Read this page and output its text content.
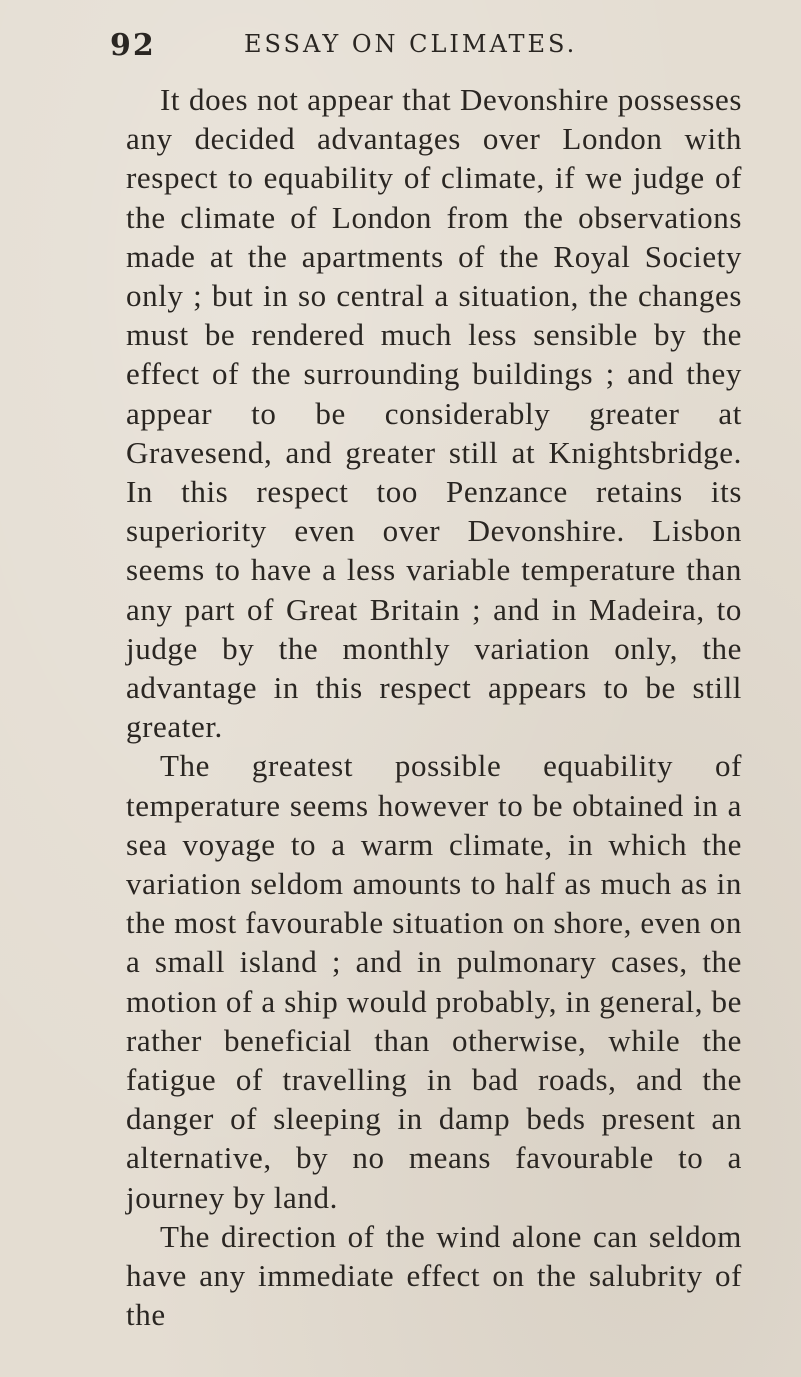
92	ESSAY ON CLIMATES.

It does not appear that Devonshire possesses any decided advantages over London with respect to equability of climate, if we judge of the climate of London from the observations made at the apartments of the Royal Society only ; but in so central a situation, the changes must be rendered much less sensible by the effect of the surrounding buildings ; and they appear to be considerably greater at Gravesend, and greater still at Knightsbridge. In this respect too Penzance retains its superiority even over Devonshire. Lisbon seems to have a less variable temperature than any part of Great Britain ; and in Madeira, to judge by the monthly variation only, the advantage in this respect appears to be still greater.

The greatest possible equability of temperature seems however to be obtained in a sea voyage to a warm climate, in which the variation seldom amounts to half as much as in the most favourable situation on shore, even on a small island ; and in pulmonary cases, the motion of a ship would probably, in general, be rather beneficial than otherwise, while the fatigue of travelling in bad roads, and the danger of sleeping in damp beds present an alternative, by no means favourable to a journey by land.

The direction of the wind alone can seldom have any immediate effect on the salubrity of the
